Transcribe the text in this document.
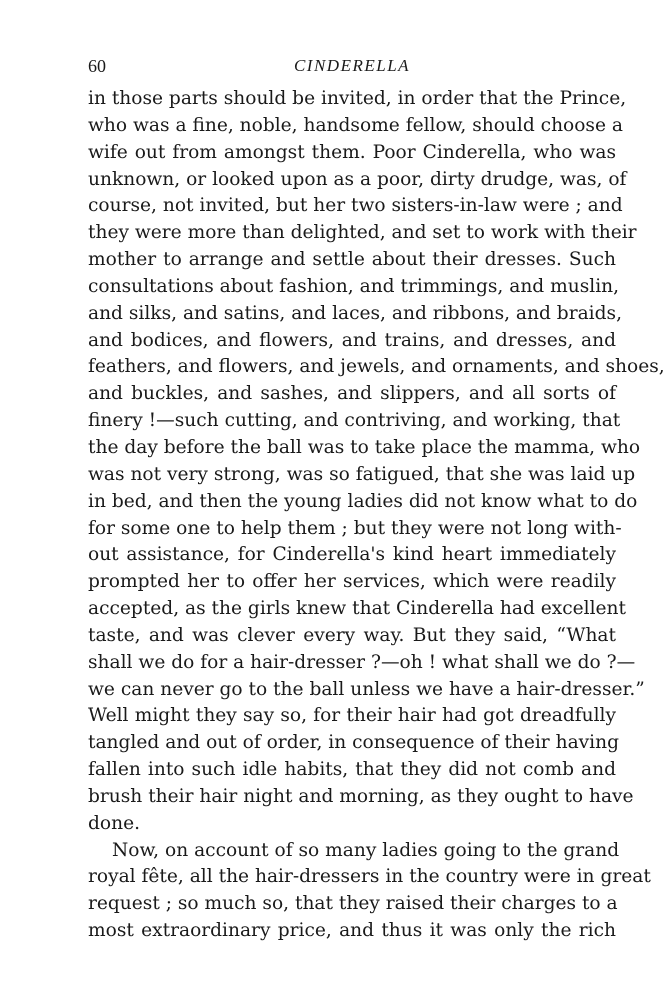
60	CINDERELLA
in those parts should be invited, in order that the Prince,
who was a fine, noble, handsome fellow, should choose a
wife out from amongst them. Poor Cinderella, who was
unknown, or looked upon as a poor, dirty drudge, was, of
course, not invited, but her two sisters-in-law were ; and
they were more than delighted, and set to work with their
mother to arrange and settle about their dresses. Such
consultations about fashion, and trimmings, and muslin,
and silks, and satins, and laces, and ribbons, and braids,
and bodices, and flowers, and trains, and dresses, and
feathers, and flowers, and jewels, and ornaments, and shoes,
and buckles, and sashes, and slippers, and all sorts of
finery !—such cutting, and contriving, and working, that
the day before the ball was to take place the mamma, who
was not very strong, was so fatigued, that she was laid up
in bed, and then the young ladies did not know what to do
for some one to help them ; but they were not long with-
out assistance, for Cinderella's kind heart immediately
prompted her to offer her services, which were readily
accepted, as the girls knew that Cinderella had excellent
taste, and was clever every way. But they said, “What
shall we do for a hair-dresser ?—oh ! what shall we do ?—
we can never go to the ball unless we have a hair-dresser.”
Well might they say so, for their hair had got dreadfully
tangled and out of order, in consequence of their having
fallen into such idle habits, that they did not comb and
brush their hair night and morning, as they ought to have
done.
Now, on account of so many ladies going to the grand
royal fête, all the hair-dressers in the country were in great
request ; so much so, that they raised their charges to a
most extraordinary price, and thus it was only the rich
